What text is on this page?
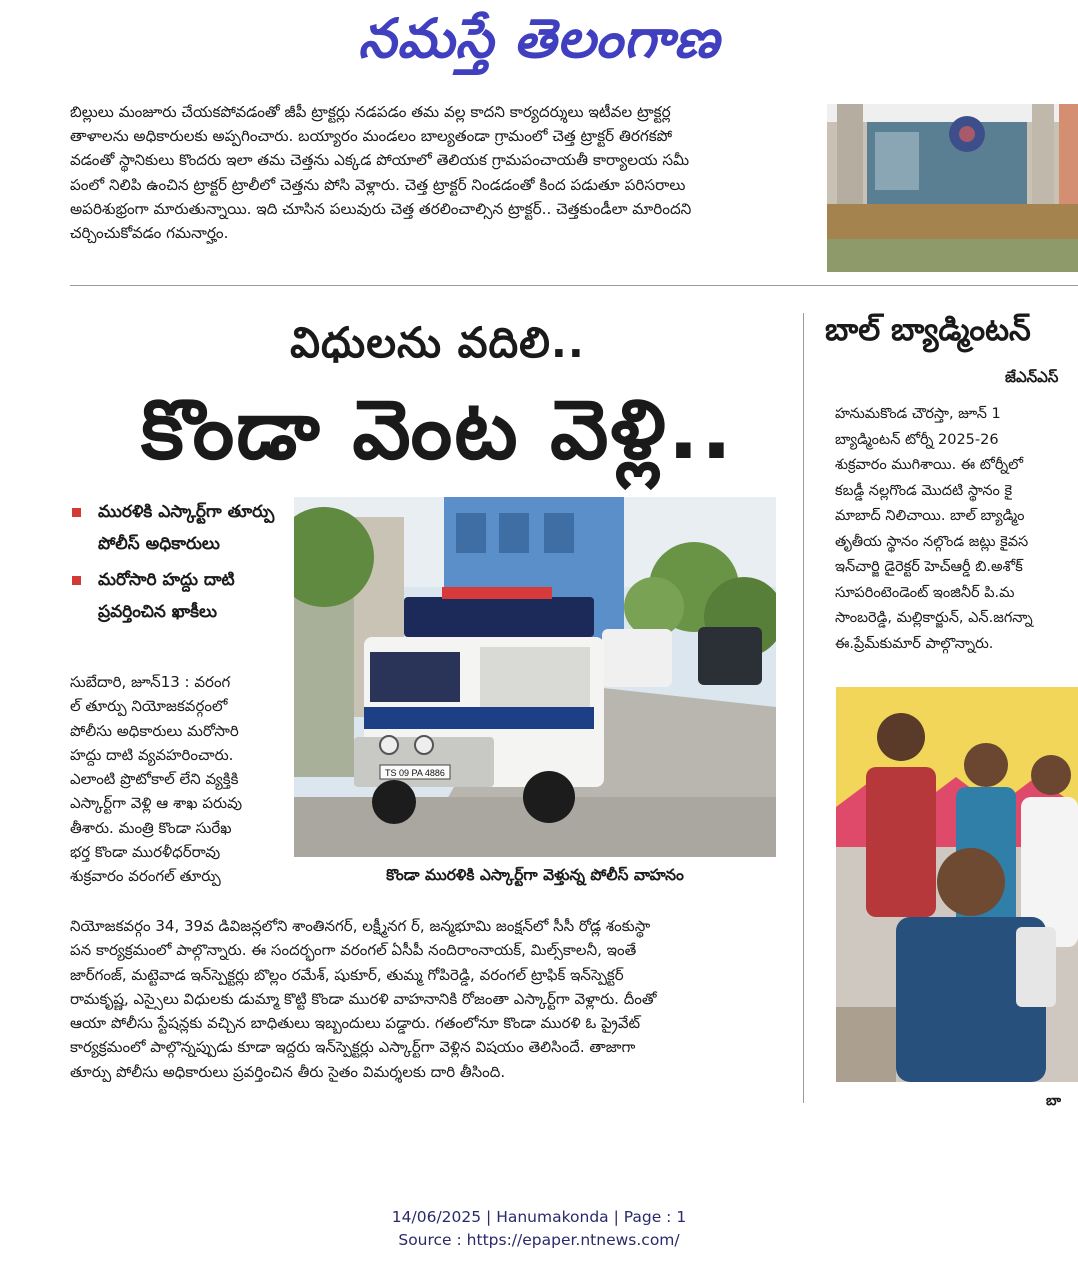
నమస్తే తెలంగాణ
బిల్లులు మంజూరు చేయకపోవడంతో జీపీ ట్రాక్టర్లు నడపడం తమ వల్ల కాదని కార్యదర్శులు ఇటీవల ట్రాక్టర్ల
తాళాలను అధికారులకు అప్పగించారు. బయ్యారం మండలం బాల్యతండా గ్రామంలో చెత్త ట్రాక్టర్ తిరగకపో
వడంతో స్థానికులు కొందరు ఇలా తమ చెత్తను ఎక్కడ పోయాలో తెలియక గ్రామపంచాయతీ కార్యాలయ సమీ
పంలో నిలిపి ఉంచిన ట్రాక్టర్ ట్రాలీలో చెత్తను పోసి వెళ్లారు. చెత్త ట్రాక్టర్ నిండడంతో కింద పడుతూ పరిసరాలు
అపరిశుభ్రంగా మారుతున్నాయి. ఇది చూసిన పలువురు చెత్త తరలించాల్సిన ట్రాక్టర్.. చెత్తకుండీలా మారిందని
చర్చించుకోవడం గమనార్హం.
విధులను వదిలి..
కొండా వెంట వెళ్లి..
మురళికి ఎస్కార్ట్‌గా తూర్పు పోలీస్ అధికారులు
మరోసారి హద్దు దాటి ప్రవర్తించిన ఖాకీలు
సుబేదారి, జూన్13 : వరంగ
ల్ తూర్పు నియోజకవర్గంలో
పోలీసు అధికారులు మరోసారి
హద్దు దాటి వ్యవహరించారు.
ఎలాంటి ప్రొటోకాల్ లేని వ్యక్తికి
ఎస్కార్ట్‌గా వెళ్లి ఆ శాఖ పరువు
తీశారు. మంత్రి కొండా సురేఖ
భర్త కొండా మురళీధర్‌రావు
శుక్రవారం వరంగల్ తూర్పు
TS 09 PA 4886
కొండా మురళికి ఎస్కార్ట్‌గా వెళ్తున్న పోలీస్ వాహనం
నియోజకవర్గం 34, 39వ డివిజన్లలోని శాంతినగర్, లక్ష్మీనగ ర్, జన్మభూమి జంక్షన్‌లో సీసీ రోడ్ల శంకుస్థా
పన కార్యక్రమంలో పాల్గొన్నారు. ఈ సందర్భంగా వరంగల్ ఏసీపీ నందిరాంనాయక్, మిల్స్‌కాలనీ, ఇంతే
జార్‌గంజ్, మట్టెవాడ ఇన్‌స్పెక్టర్లు బొల్లం రమేశ్, షుకూర్, తుమ్మ గోపిరెడ్డి, వరంగల్ ట్రాఫిక్ ఇన్‌స్పెక్టర్
రామకృష్ణ, ఎస్సైలు విధులకు డుమ్మా కొట్టి కొండా మురళి వాహనానికి రోజంతా ఎస్కార్ట్‌గా వెళ్లారు. దీంతో
ఆయా పోలీసు స్టేషన్లకు వచ్చిన బాధితులు ఇబ్బందులు పడ్డారు. గతంలోనూ కొండా మురళి ఓ ప్రైవేట్
కార్యక్రమంలో పాల్గొన్నప్పుడు కూడా ఇద్దరు ఇన్‌స్పెక్టర్లు ఎస్కార్ట్‌గా వెళ్లిన విషయం తెలిసిందే. తాజాగా
తూర్పు పోలీసు అధికారులు ప్రవర్తించిన తీరు సైతం విమర్శలకు దారి తీసింది.
బాల్ బ్యాడ్మింటన్
జేఎన్ఎస్
హనుమకొండ చౌరస్తా, జూన్ 1
బ్యాడ్మింటన్ టోర్నీ 2025-26
శుక్రవారం ముగిశాయి. ఈ టోర్నీలో
కబడ్డీ నల్లగొండ మొదటి స్థానం కై
మాబాద్ నిలిచాయి. బాల్ బ్యాడ్మిం
తృతీయ స్థానం నల్గొండ జట్లు కైవస
ఇన్‌చార్జి డైరెక్టర్ హెచ్ఆర్డీ బి.అశోక్
సూపరింటెండెంట్ ఇంజినీర్ పి.మ
సాంబరెడ్డి, మల్లికార్జున్, ఎన్.జగన్నా
ఈ.ప్రేమ్‌కుమార్ పాల్గొన్నారు.
బా
14/06/2025 | Hanumakonda | Page : 1
Source : https://epaper.ntnews.com/
